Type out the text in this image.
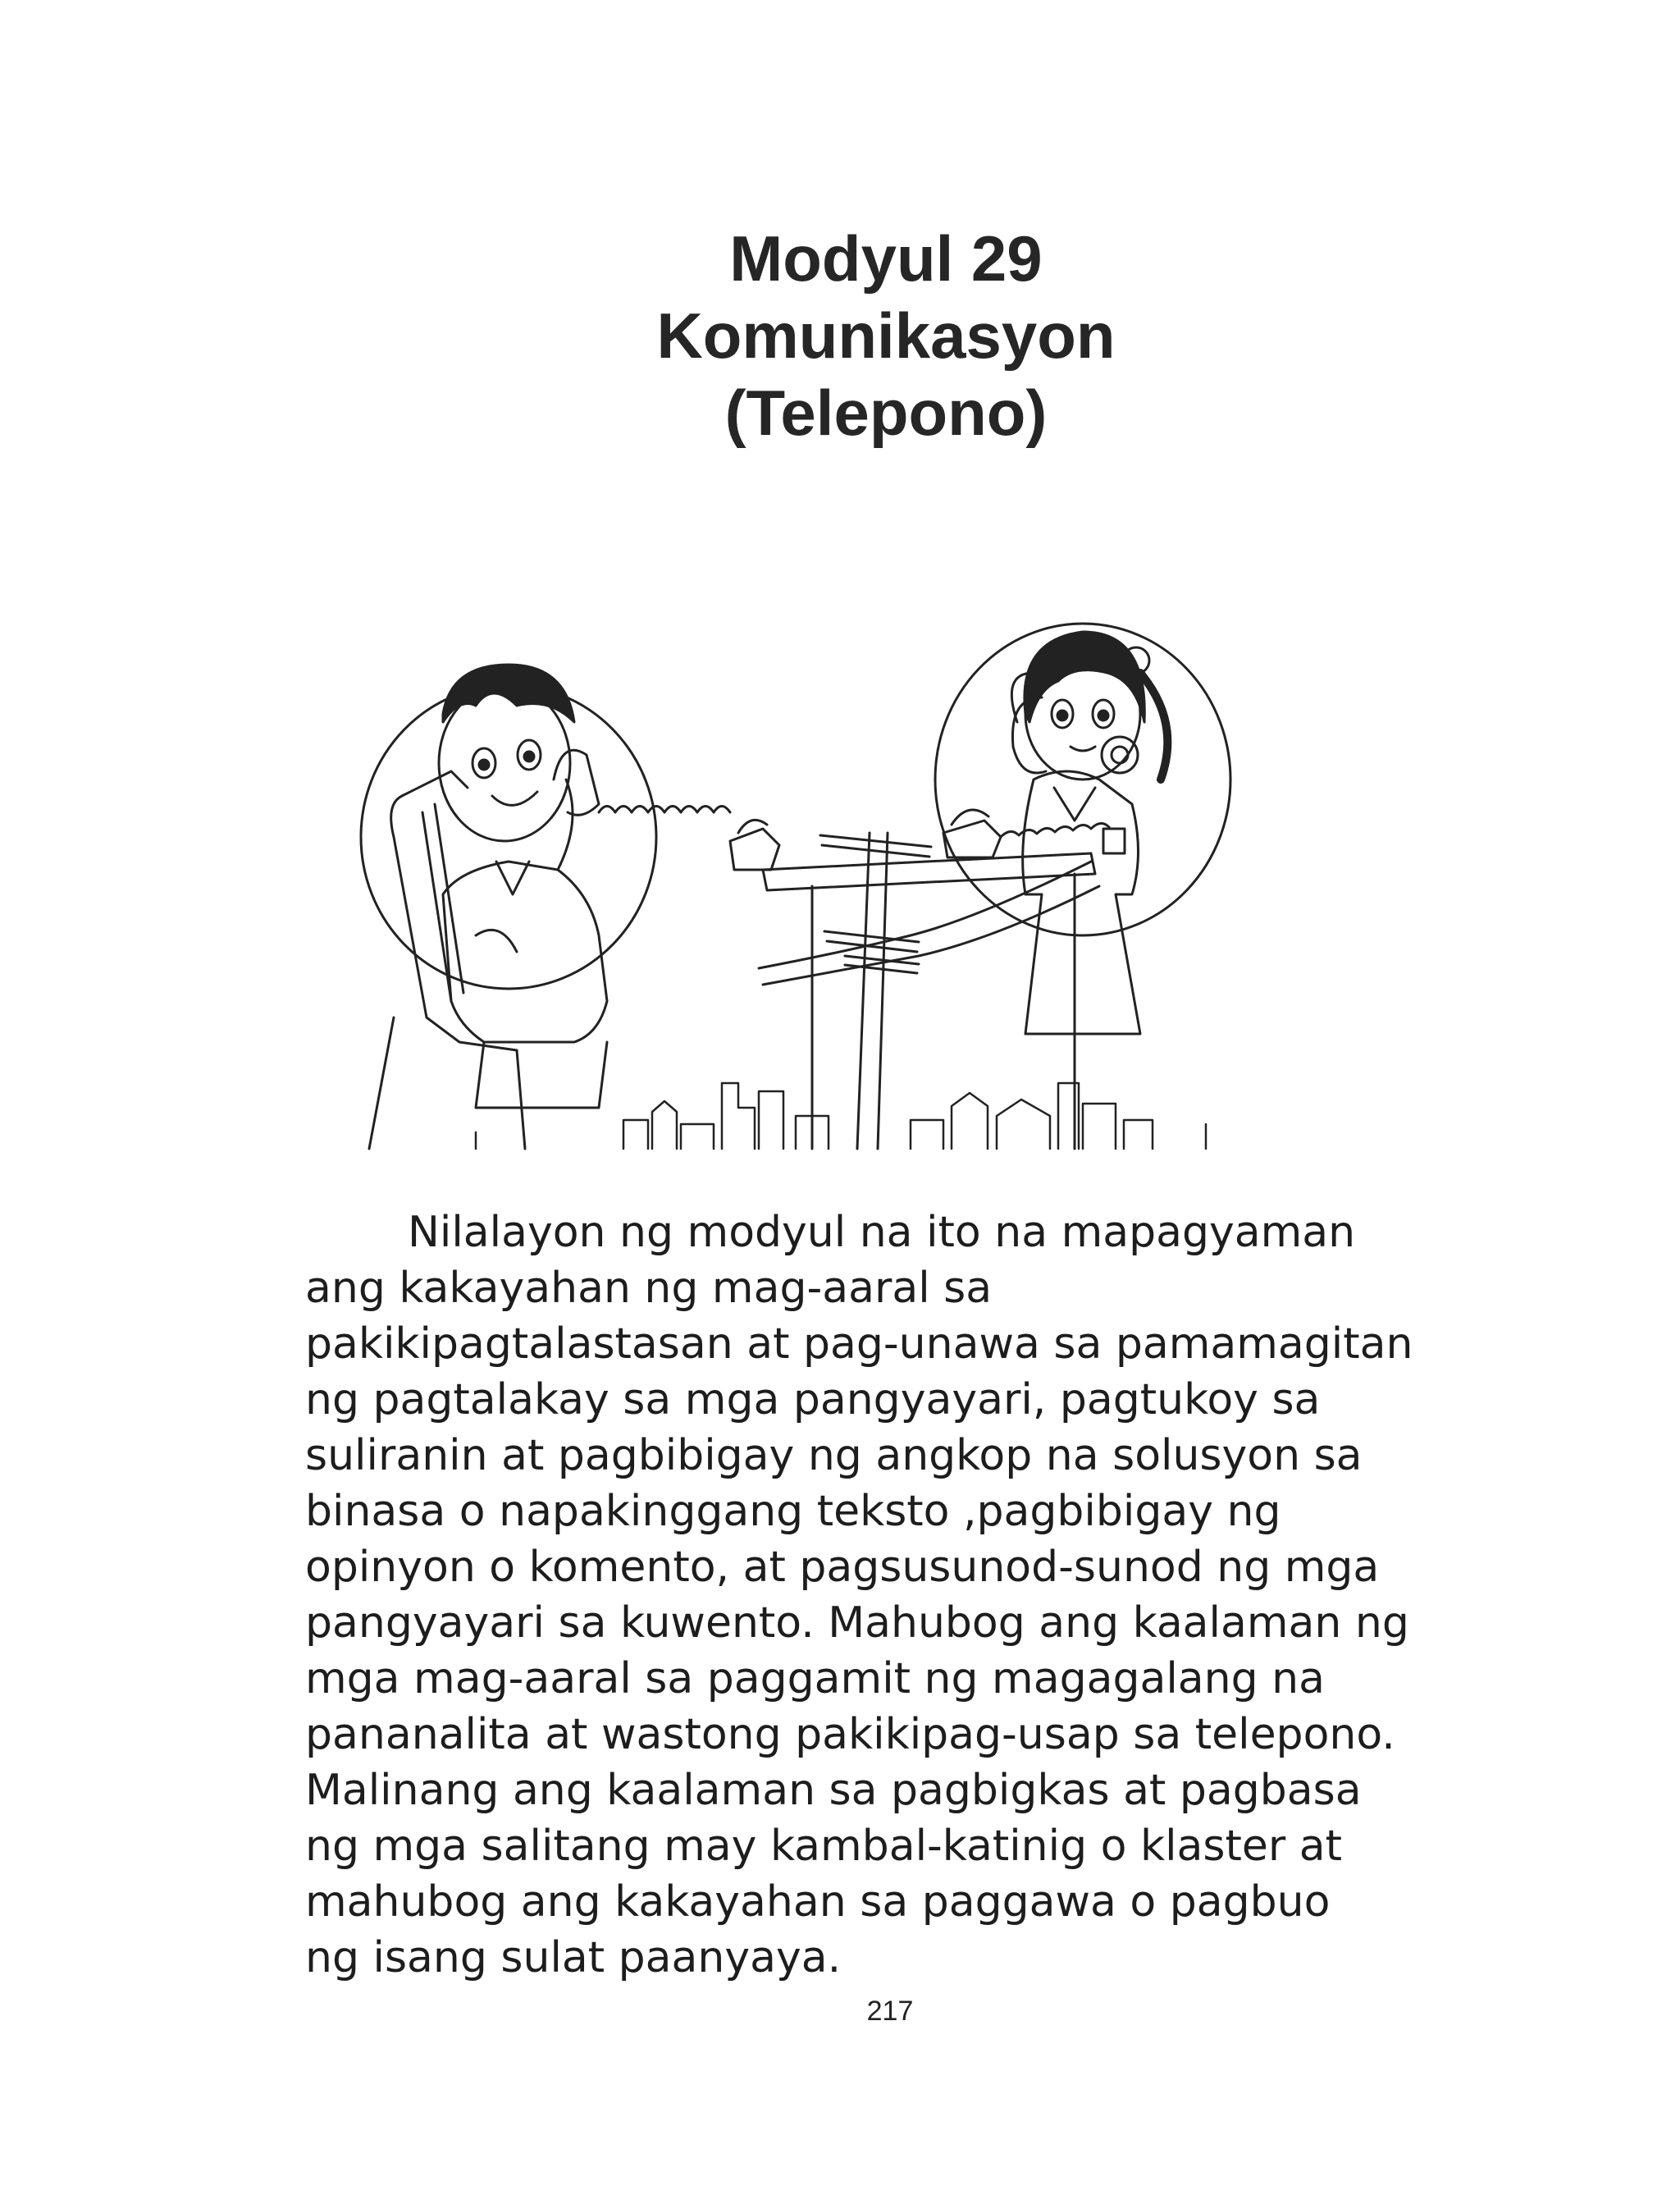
Modyul 29
Komunikasyon
(Telepono)
Nilalayon ng modyul na ito na mapagyaman
ang kakayahan ng mag-aaral sa
pakikipagtalastasan at pag-unawa sa pamamagitan
ng pagtalakay sa mga pangyayari, pagtukoy sa
suliranin at pagbibigay ng angkop na solusyon sa
binasa o napakinggang teksto ,pagbibigay ng
opinyon o komento, at pagsusunod-sunod ng mga
pangyayari sa kuwento. Mahubog ang kaalaman ng
mga mag-aaral sa paggamit ng magagalang na
pananalita at wastong pakikipag-usap sa telepono.
Malinang ang kaalaman sa pagbigkas at pagbasa
ng mga salitang may kambal-katinig o klaster at
mahubog ang kakayahan sa paggawa o pagbuo
ng isang sulat paanyaya.
217
